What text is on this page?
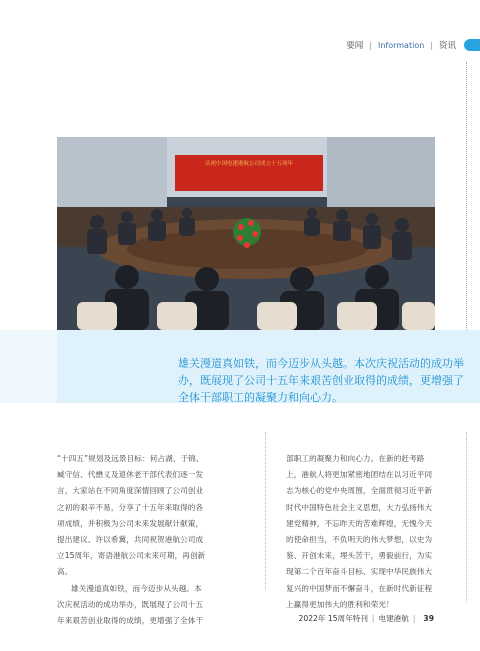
要闻 | Information | 资讯
庆祝中国电建港航公司成立十五周年

雄关漫道真如铁，而今迈步从头越。本次庆祝活动的成功举办，既展现了公司十五年来艰苦创业取得的成绩，更增强了全体干部职工的凝聚力和向心力。

“十四五”规划及远景目标：何占湖、于锦、臧守信、代懋义及退休老干部代表们逐一发言，大家站在不同角度深情回顾了公司创业之初的艰辛不易，分享了十五年来取得的各项成绩，并积极为公司未来发展献计献策，提出建议、许以希冀，共同祝贺港航公司成立15周年，寄语港航公司未来可期，再创新高。

雄关漫道真如铁，而今迈步从头越。本次庆祝活动的成功举办，既展现了公司十五年来艰苦创业取得的成绩，更增强了全体干

部职工的凝聚力和向心力。在新的赶考路上，港航人将更加紧密地团结在以习近平同志为核心的党中央周围，全面贯彻习近平新时代中国特色社会主义思想，大力弘扬伟大建党精神，不忘昨天的苦难辉煌，无愧今天的使命担当，不负明天的伟大梦想，以史为鉴、开创未来，埋头苦干，勇毅前行，为实现第二个百年奋斗目标、实现中华民族伟大复兴的中国梦而不懈奋斗，在新时代新征程上赢得更加伟大的胜利和荣光！

2022年 15周年特刊 | 电建港航 | 39
